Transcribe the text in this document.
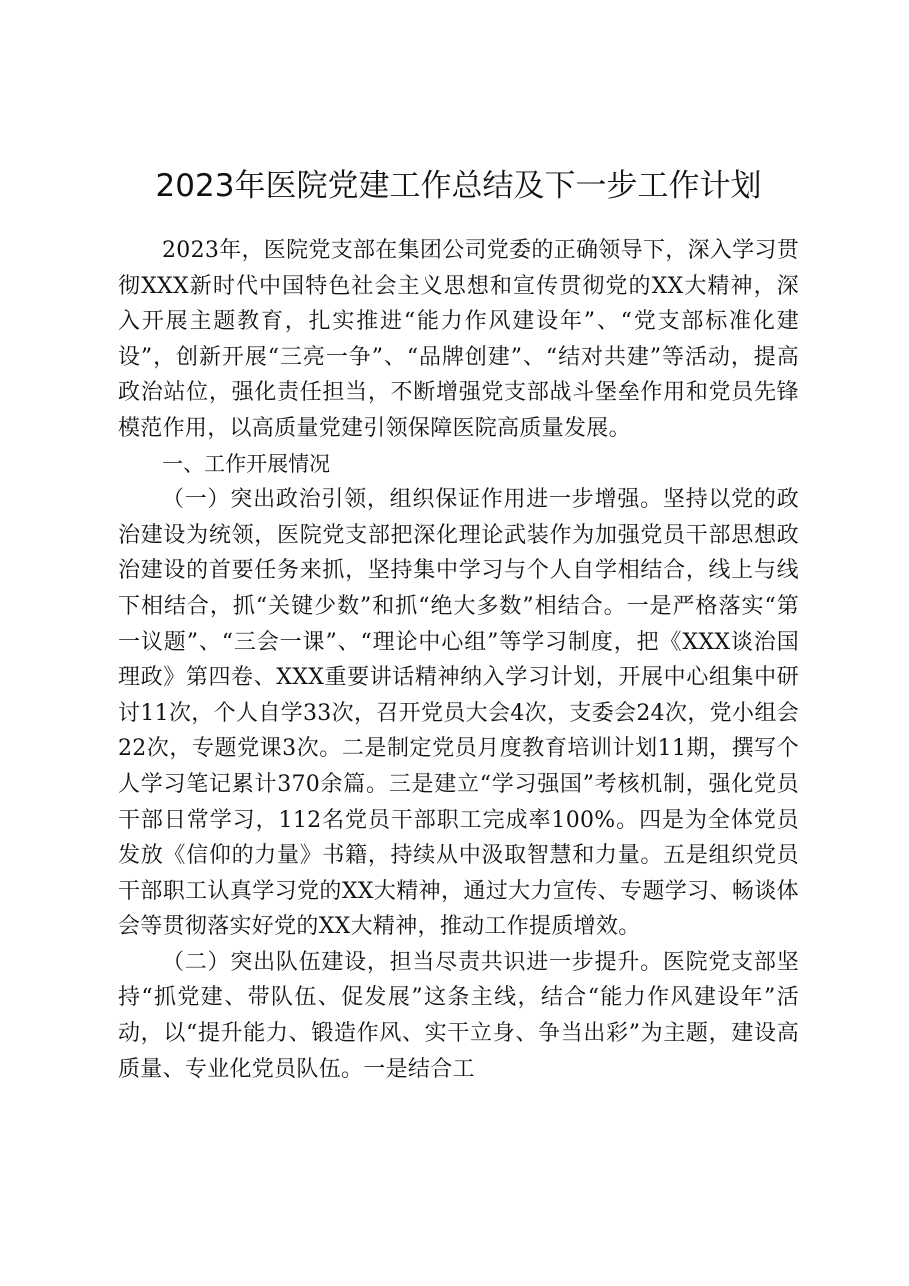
2023年医院党建工作总结及下一步工作计划

2023年，医院党支部在集团公司党委的正确领导下，深入学习贯彻XXX新时代中国特色社会主义思想和宣传贯彻党的XX大精神，深入开展主题教育，扎实推进“能力作风建设年”、“党支部标准化建设”，创新开展“三亮一争”、“品牌创建”、“结对共建”等活动，提高政治站位，强化责任担当，不断增强党支部战斗堡垒作用和党员先锋模范作用，以高质量党建引领保障医院高质量发展。

一、工作开展情况

（一）突出政治引领，组织保证作用进一步增强。坚持以党的政治建设为统领，医院党支部把深化理论武装作为加强党员干部思想政治建设的首要任务来抓，坚持集中学习与个人自学相结合，线上与线下相结合，抓“关键少数”和抓“绝大多数”相结合。一是严格落实“第一议题”、“三会一课”、“理论中心组”等学习制度，把《XXX谈治国理政》第四卷、XXX重要讲话精神纳入学习计划，开展中心组集中研讨11次，个人自学33次，召开党员大会4次，支委会24次，党小组会22次，专题党课3次。二是制定党员月度教育培训计划11期，撰写个人学习笔记累计370余篇。三是建立“学习强国”考核机制，强化党员干部日常学习，112名党员干部职工完成率100%。四是为全体党员发放《信仰的力量》书籍，持续从中汲取智慧和力量。五是组织党员干部职工认真学习党的XX大精神，通过大力宣传、专题学习、畅谈体会等贯彻落实好党的XX大精神，推动工作提质增效。

（二）突出队伍建设，担当尽责共识进一步提升。医院党支部坚持“抓党建、带队伍、促发展”这条主线，结合“能力作风建设年”活动，以“提升能力、锻造作风、实干立身、争当出彩”为主题，建设高质量、专业化党员队伍。一是结合工
